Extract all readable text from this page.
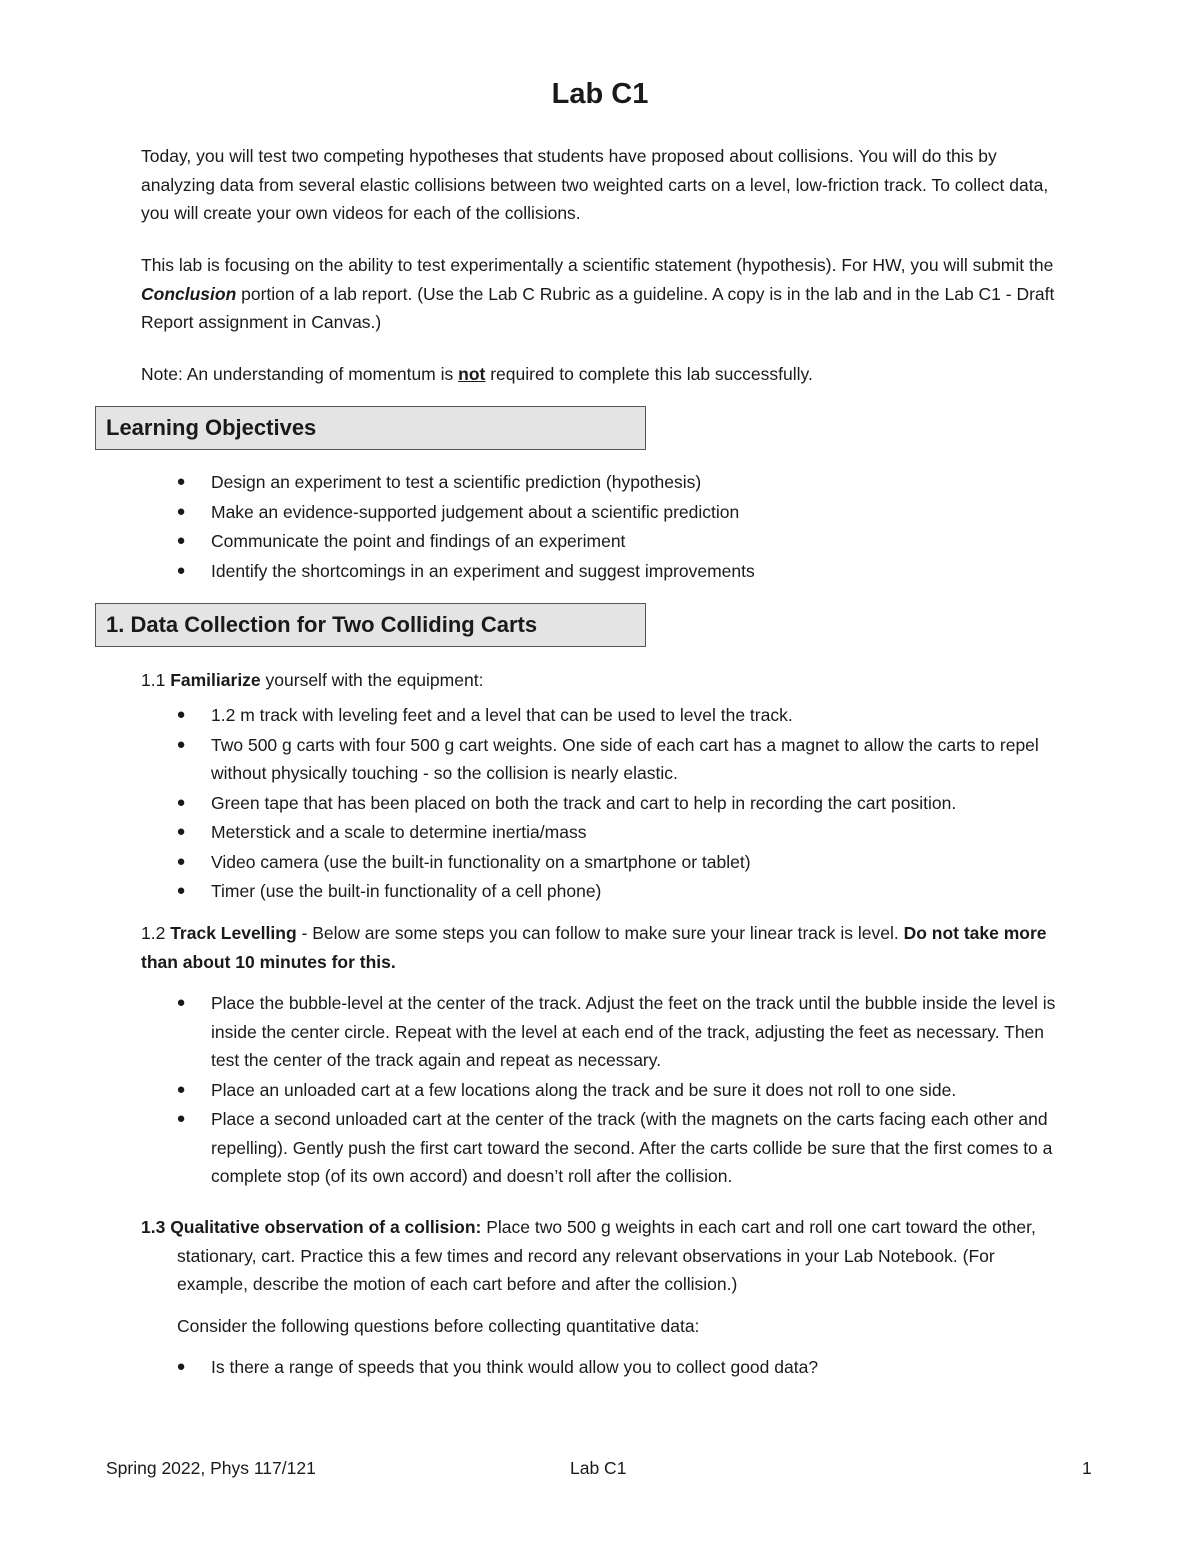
Lab C1

Today, you will test two competing hypotheses that students have proposed about collisions. You will do this by analyzing data from several elastic collisions between two weighted carts on a level, low-friction track. To collect data, you will create your own videos for each of the collisions.

This lab is focusing on the ability to test experimentally a scientific statement (hypothesis). For HW, you will submit the Conclusion portion of a lab report. (Use the Lab C Rubric as a guideline. A copy is in the lab and in the Lab C1 - Draft Report assignment in Canvas.)

Note: An understanding of momentum is not required to complete this lab successfully.

Learning Objectives
● Design an experiment to test a scientific prediction (hypothesis)
● Make an evidence-supported judgement about a scientific prediction
● Communicate the point and findings of an experiment
● Identify the shortcomings in an experiment and suggest improvements
1. Data Collection for Two Colliding Carts

1.1 Familiarize yourself with the equipment:

● 1.2 m track with leveling feet and a level that can be used to level the track.
● Two 500 g carts with four 500 g cart weights. One side of each cart has a magnet to allow the carts to repel without physically touching - so the collision is nearly elastic.
● Green tape that has been placed on both the track and cart to help in recording the cart position.
● Meterstick and a scale to determine inertia/mass
● Video camera (use the built-in functionality on a smartphone or tablet)
● Timer (use the built-in functionality of a cell phone)

1.2 Track Levelling - Below are some steps you can follow to make sure your linear track is level. Do not take more than about 10 minutes for this.

● Place the bubble-level at the center of the track. Adjust the feet on the track until the bubble inside the level is inside the center circle. Repeat with the level at each end of the track, adjusting the feet as necessary. Then test the center of the track again and repeat as necessary.
● Place an unloaded cart at a few locations along the track and be sure it does not roll to one side.
● Place a second unloaded cart at the center of the track (with the magnets on the carts facing each other and repelling). Gently push the first cart toward the second. After the carts collide be sure that the first comes to a complete stop (of its own accord) and doesn’t roll after the collision.

1.3 Qualitative observation of a collision: Place two 500 g weights in each cart and roll one cart toward the other, stationary, cart. Practice this a few times and record any relevant observations in your Lab Notebook. (For example, describe the motion of each cart before and after the collision.)

Consider the following questions before collecting quantitative data:

● Is there a range of speeds that you think would allow you to collect good data?
Spring 2022, Phys 117/121	Lab C1	1
